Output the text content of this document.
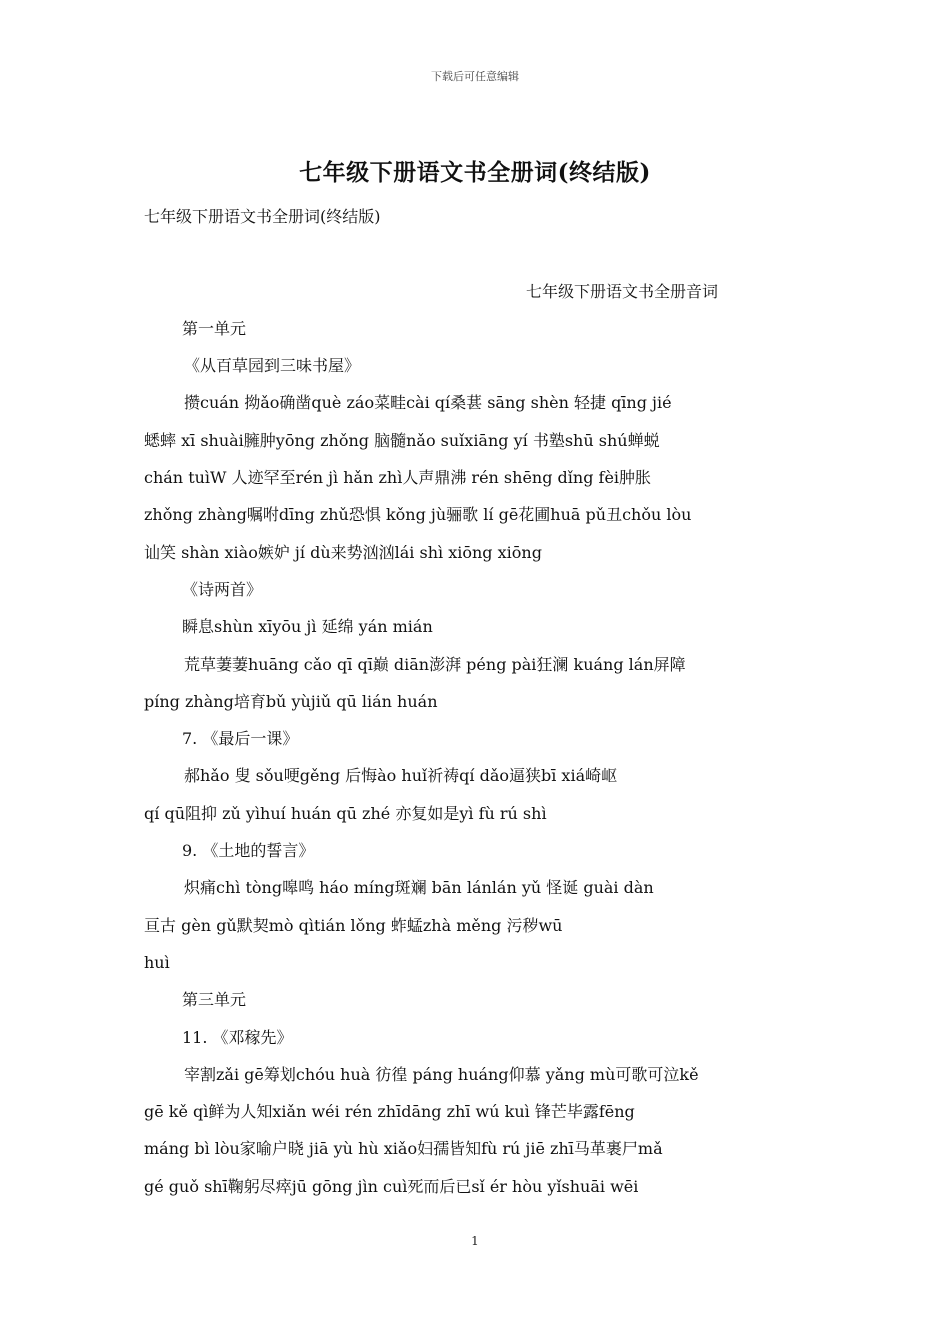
下载后可任意编辑
七年级下册语文书全册词(终结版)

七年级下册语文书全册词(终结版)

七年级下册语文书全册音词

第一单元

《从百草园到三味书屋》

攒cuán 拗ǎo确凿què záo菜畦cài qí桑葚 sāng shèn 轻捷 qīng jié

蟋蟀 xī shuài臃肿yōng zhǒng 脑髓nǎo suǐxiāng yí 书塾shū shú蝉蜕

chán tuìW 人迹罕至rén jì hǎn zhì人声鼎沸 rén shēng dǐng fèi肿胀

zhǒng zhàng嘱咐dīng zhǔ恐惧 kǒng jù骊歌 lí gē花圃huā pǔ丑chǒu lòu

讪笑 shàn xiào嫉妒 jí dù来势汹汹lái shì xiōng xiōng

《诗两首》

瞬息shùn xīyōu jì 延绵 yán mián

荒草萋萋huāng cǎo qī qī巅 diān澎湃 péng pài狂澜 kuáng lán屏障

píng zhàng培育bǔ yùjiǔ qū lián huán

7. 《最后一课》

郝hǎo 叟 sǒu哽gěng 后悔ào huǐ祈祷qí dǎo逼狭bī xiá崎岖

qí qū阻抑 zǔ yìhuí huán qū zhé 亦复如是yì fù rú shì

9. 《土地的誓言》

炽痛chì tòng嗥鸣 háo míng斑斓 bān lánlán yǔ 怪诞 guài dàn

亘古 gèn gǔ默契mò qìtián lǒng 蚱蜢zhà měng 污秽wū

huì

第三单元

11. 《邓稼先》

宰割zǎi gē筹划chóu huà 彷徨 páng huáng仰慕 yǎng mù可歌可泣kě

gē kě qì鲜为人知xiǎn wéi rén zhīdāng zhī wú kuì 锋芒毕露fēng

máng bì lòu家喻户晓 jiā yù hù xiǎo妇孺皆知fù rú jiē zhī马革裹尸mǎ

gé guǒ shī鞠躬尽瘁jū gōng jìn cuì死而后已sǐ ér hòu yǐshuāi wēi

1
